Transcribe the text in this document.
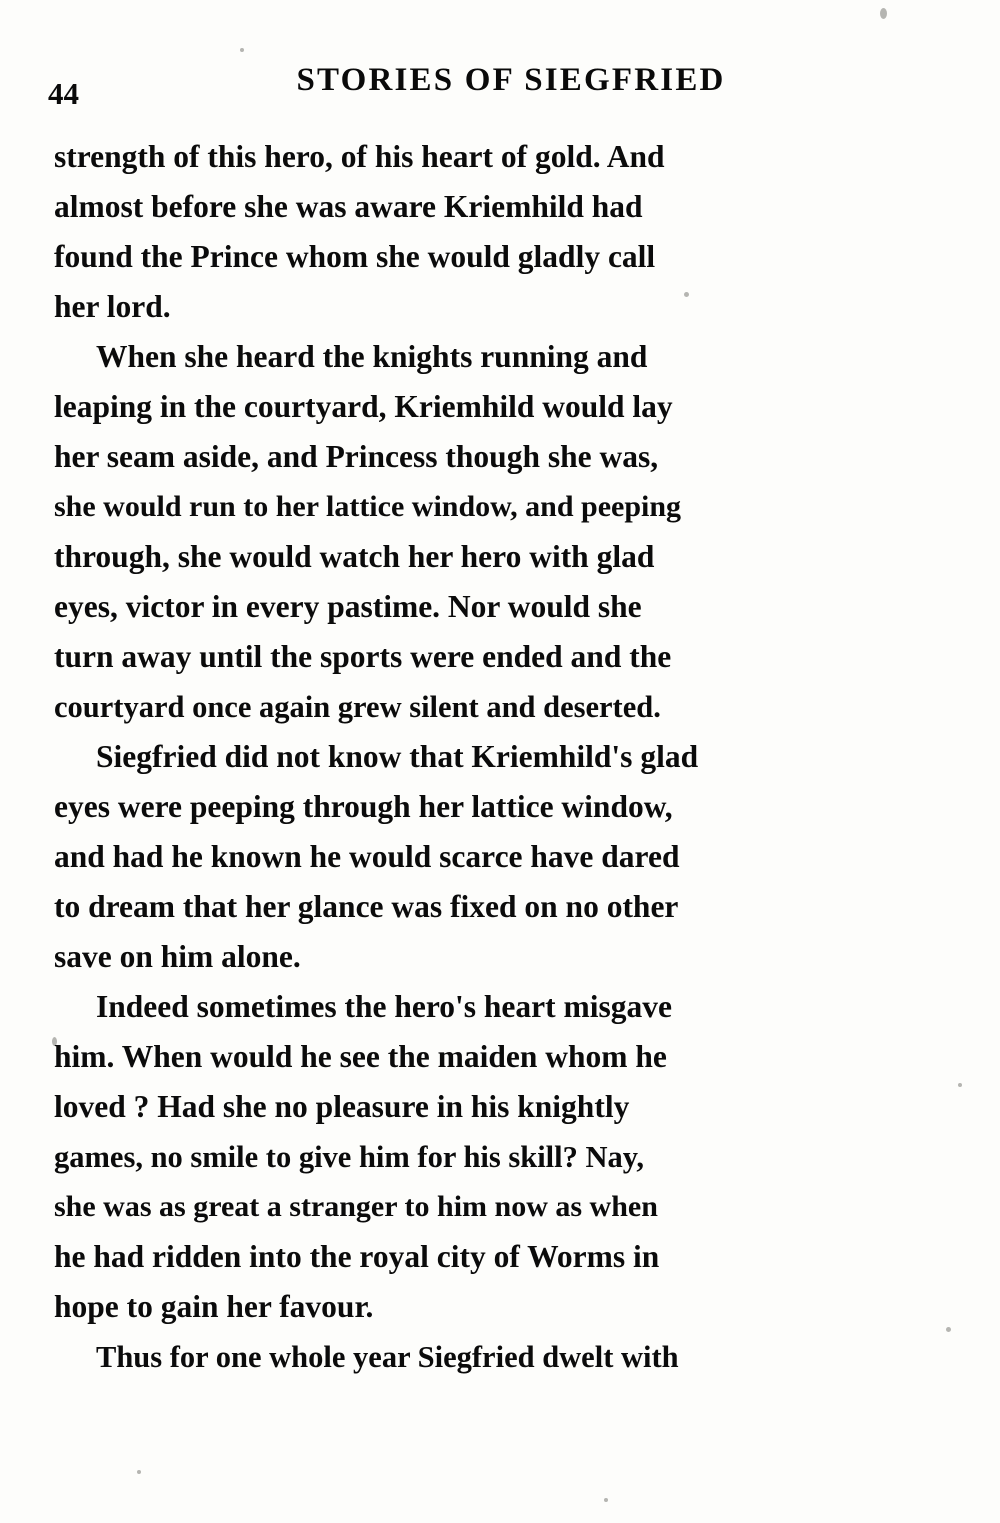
44	STORIES OF SIEGFRIED
strength of this hero, of his heart of gold. And
almost before she was aware Kriemhild had
found the Prince whom she would gladly call
her lord.
When she heard the knights running and
leaping in the courtyard, Kriemhild would lay
her seam aside, and Princess though she was,
she would run to her lattice window, and peeping
through, she would watch her hero with glad
eyes, victor in every pastime. Nor would she
turn away until the sports were ended and the
courtyard once again grew silent and deserted.
Siegfried did not know that Kriemhild's glad
eyes were peeping through her lattice window,
and had he known he would scarce have dared
to dream that her glance was fixed on no other
save on him alone.
Indeed sometimes the hero's heart misgave
him. When would he see the maiden whom he
loved ? Had she no pleasure in his knightly
games, no smile to give him for his skill? Nay,
she was as great a stranger to him now as when
he had ridden into the royal city of Worms in
hope to gain her favour.
Thus for one whole year Siegfried dwelt with
